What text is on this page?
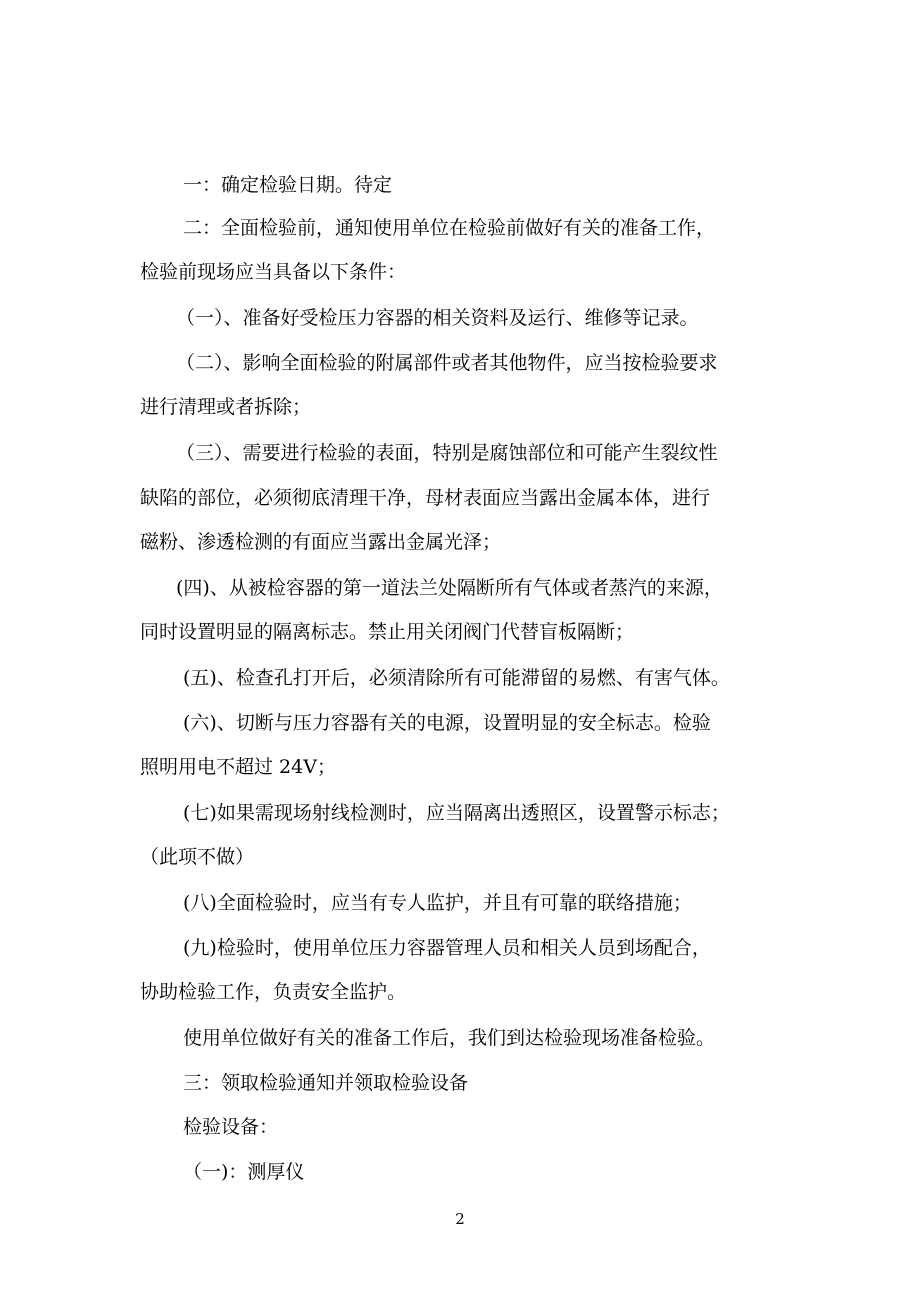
一：确定检验日期。待定
二：全面检验前，通知使用单位在检验前做好有关的准备工作，
检验前现场应当具备以下条件：
（一）、准备好受检压力容器的相关资料及运行、维修等记录。
（二）、影响全面检验的附属部件或者其他物件，应当按检验要求
进行清理或者拆除；
（三）、需要进行检验的表面，特别是腐蚀部位和可能产生裂纹性
缺陷的部位，必须彻底清理干净，母材表面应当露出金属本体，进行
磁粉、渗透检测的有面应当露出金属光泽；
(四)、从被检容器的第一道法兰处隔断所有气体或者蒸汽的来源，
同时设置明显的隔离标志。禁止用关闭阀门代替盲板隔断；
(五)、检查孔打开后，必须清除所有可能滞留的易燃、有害气体。
(六)、切断与压力容器有关的电源，设置明显的安全标志。检验
照明用电不超过 24V；
(七)如果需现场射线检测时，应当隔离出透照区，设置警示标志；
（此项不做）
(八)全面检验时，应当有专人监护，并且有可靠的联络措施；
(九)检验时，使用单位压力容器管理人员和相关人员到场配合，
协助检验工作，负责安全监护。
使用单位做好有关的准备工作后，我们到达检验现场准备检验。
三：领取检验通知并领取检验设备
检验设备：
（一)：测厚仪
2
